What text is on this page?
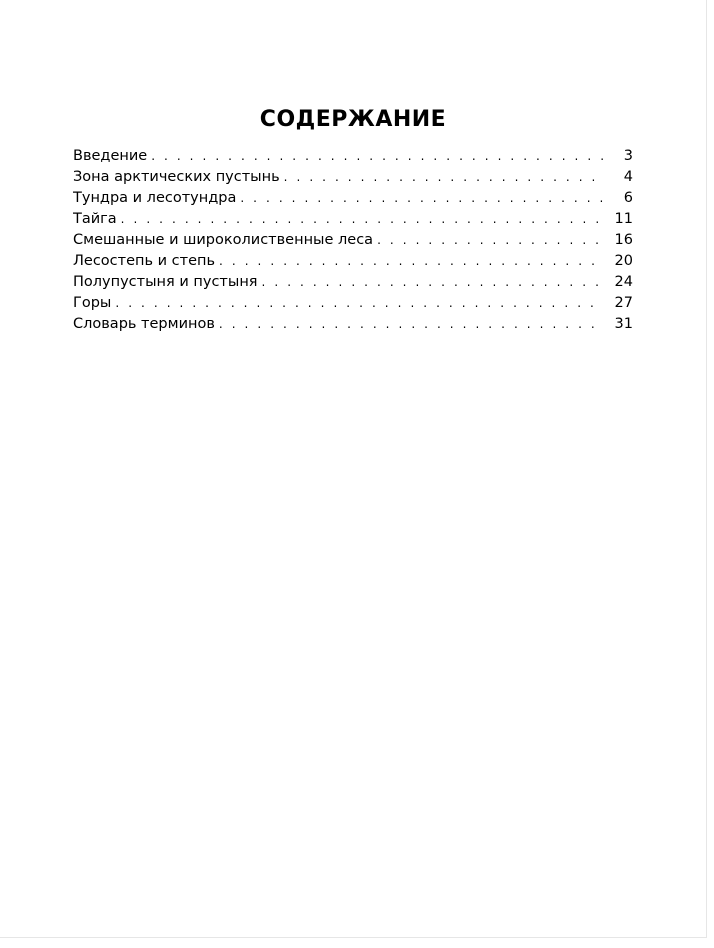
СОДЕРЖАНИЕ
Введение . . .	3
Зона арктических пустынь . . .	4
Тундра и лесотундра . . .	6
Тайга . . .	11
Смешанные и широколиственные леса . . .	16
Лесостепь и степь . . .	20
Полупустыня и пустыня . . .	24
Горы . . .	27
Словарь терминов . . .	31
